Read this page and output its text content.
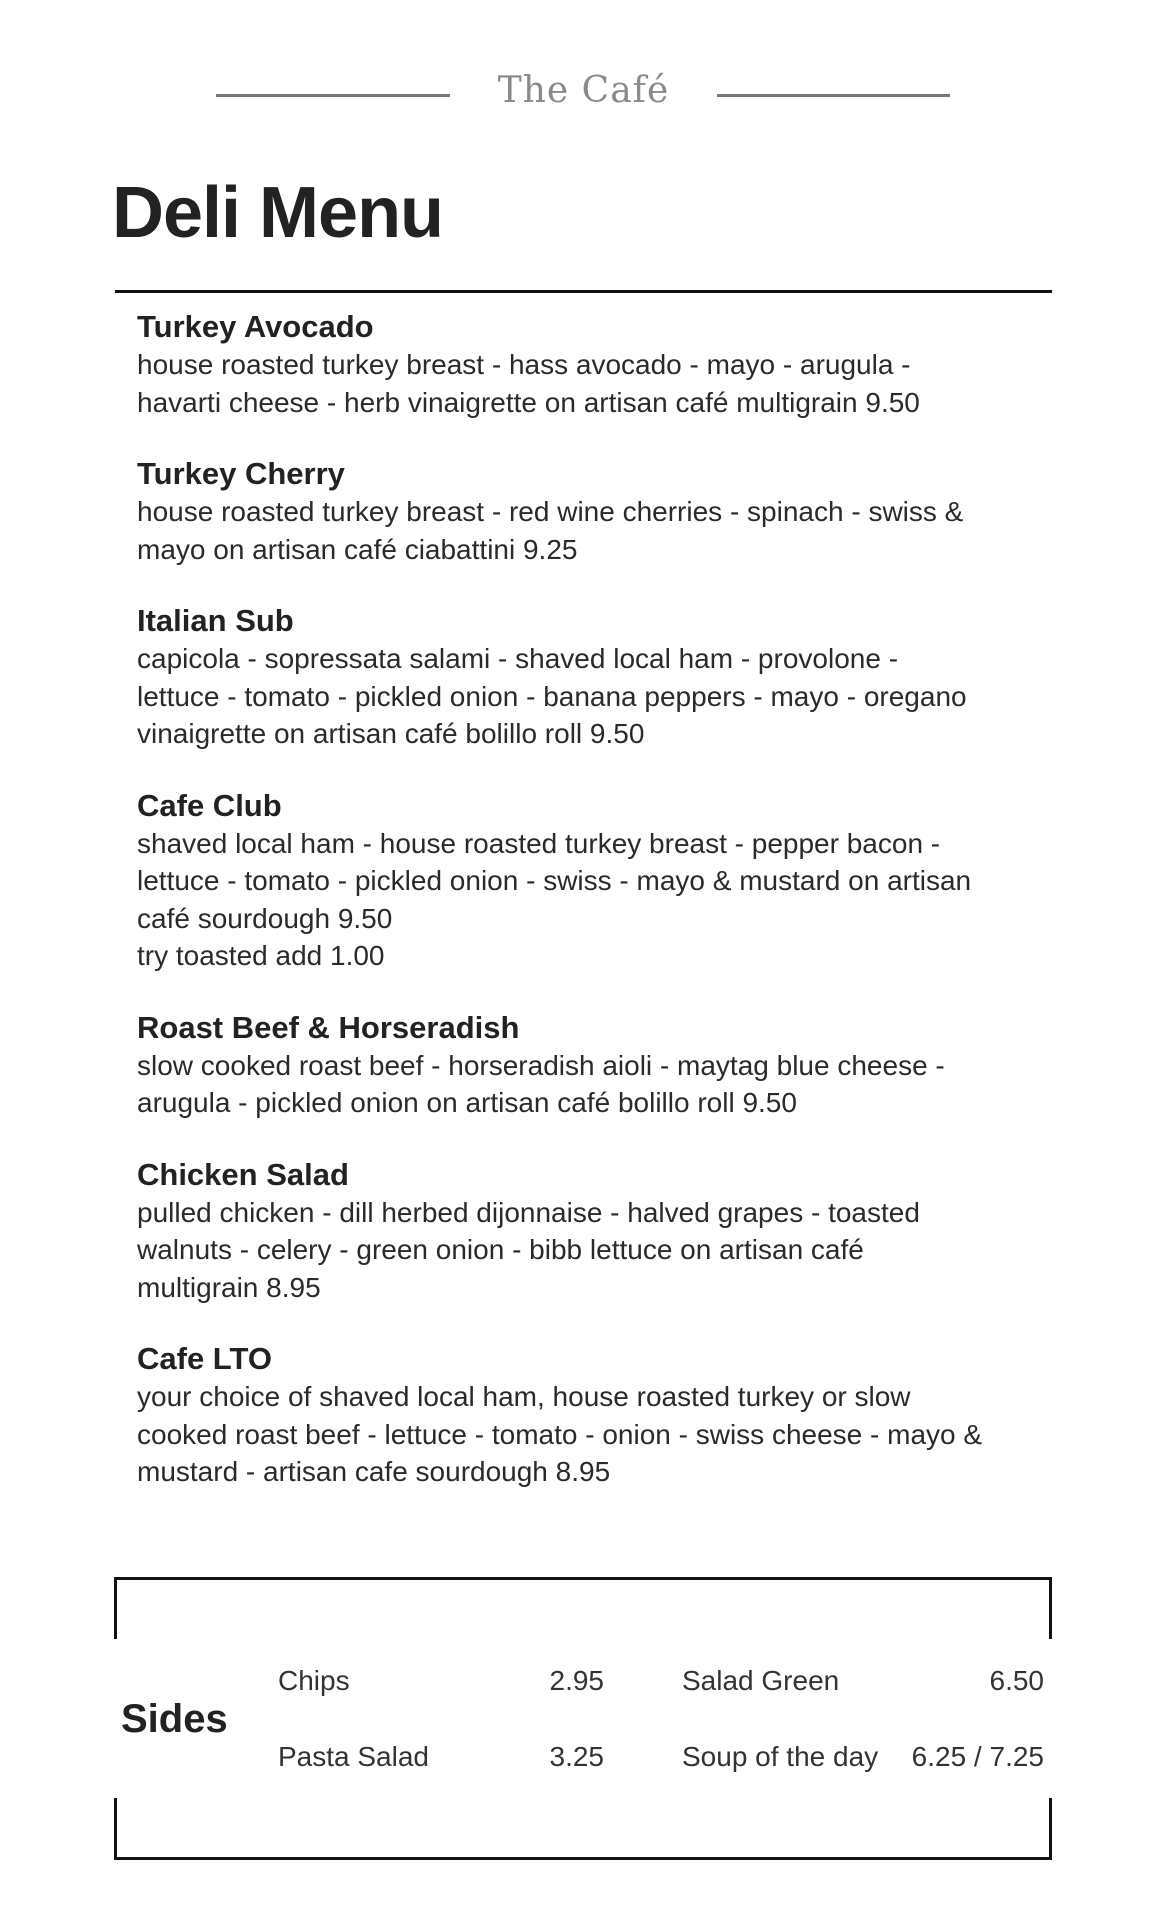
The Café
Deli Menu
Turkey Avocado
house roasted turkey breast - hass avocado - mayo - arugula -
havarti cheese - herb vinaigrette on artisan café multigrain 9.50
Turkey Cherry
house roasted turkey breast - red wine cherries - spinach - swiss &
mayo on artisan café ciabattini 9.25
Italian Sub
capicola - sopressata salami - shaved local ham - provolone -
lettuce - tomato - pickled onion - banana peppers - mayo - oregano
vinaigrette on artisan café bolillo roll 9.50
Cafe Club
shaved local ham - house roasted turkey breast - pepper bacon -
lettuce - tomato - pickled onion - swiss - mayo & mustard on artisan
café sourdough 9.50
try toasted add 1.00
Roast Beef & Horseradish
slow cooked roast beef - horseradish aioli - maytag blue cheese -
arugula - pickled onion on artisan café bolillo roll 9.50
Chicken Salad
pulled chicken - dill herbed dijonnaise - halved grapes - toasted
walnuts - celery - green onion - bibb lettuce on artisan café
multigrain 8.95
Cafe LTO
your choice of shaved local ham, house roasted turkey or slow
cooked roast beef - lettuce - tomato - onion - swiss cheese - mayo &
mustard - artisan cafe sourdough 8.95
Sides
Chips	2.95	Salad Green	6.50
Pasta Salad	3.25	Soup of the day 6.25 / 7.25
